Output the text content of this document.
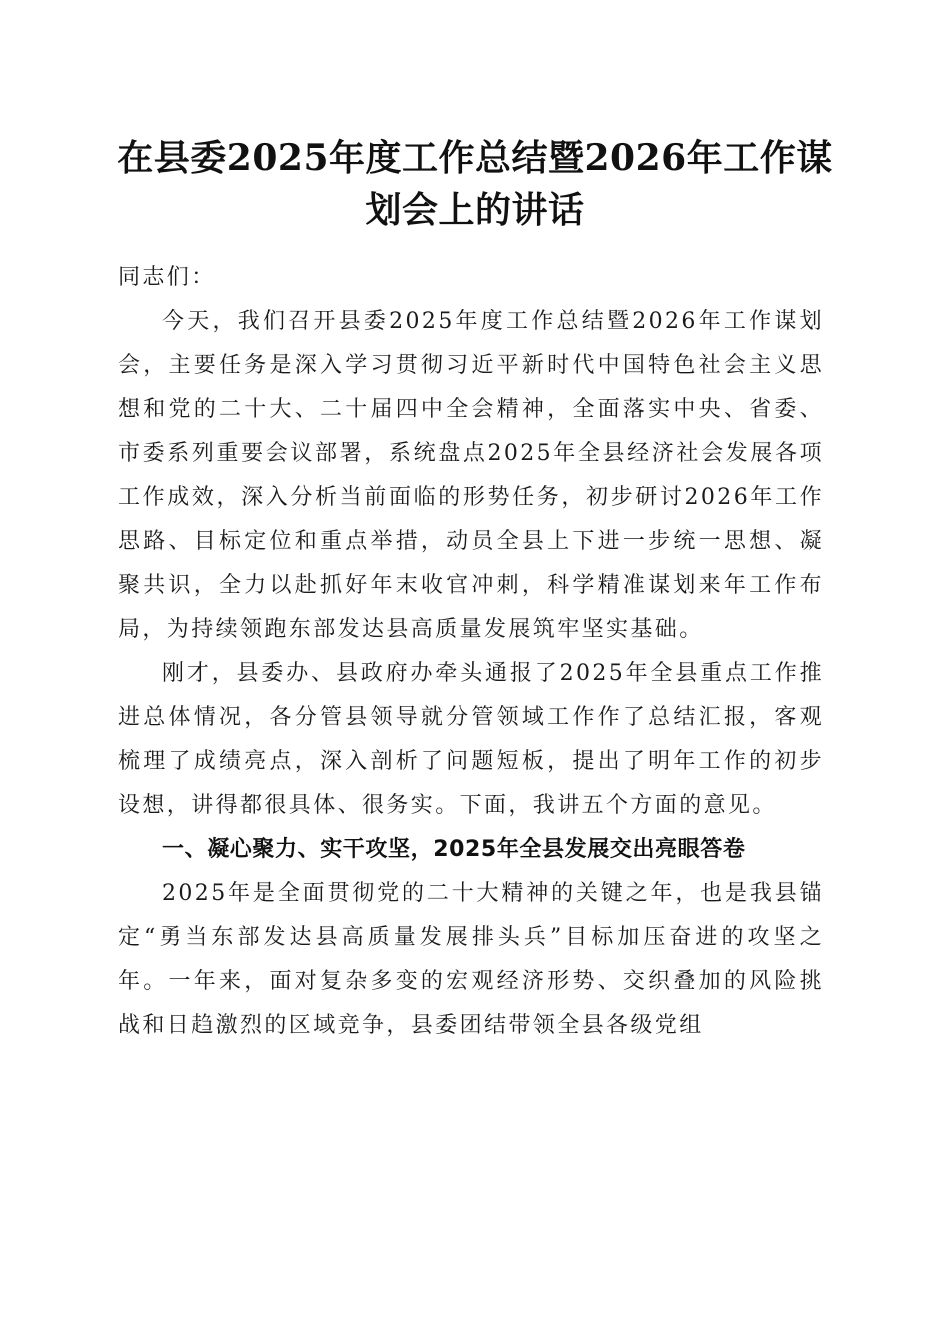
在县委2025年度工作总结暨2026年工作谋划会上的讲话

同志们：

今天，我们召开县委2025年度工作总结暨2026年工作谋划会，主要任务是深入学习贯彻习近平新时代中国特色社会主义思想和党的二十大、二十届四中全会精神，全面落实中央、省委、市委系列重要会议部署，系统盘点2025年全县经济社会发展各项工作成效，深入分析当前面临的形势任务，初步研讨2026年工作思路、目标定位和重点举措，动员全县上下进一步统一思想、凝聚共识，全力以赴抓好年末收官冲刺，科学精准谋划来年工作布局，为持续领跑东部发达县高质量发展筑牢坚实基础。

刚才，县委办、县政府办牵头通报了2025年全县重点工作推进总体情况，各分管县领导就分管领域工作作了总结汇报，客观梳理了成绩亮点，深入剖析了问题短板，提出了明年工作的初步设想，讲得都很具体、很务实。下面，我讲五个方面的意见。

一、凝心聚力、实干攻坚，2025年全县发展交出亮眼答卷

2025年是全面贯彻党的二十大精神的关键之年，也是我县锚定“勇当东部发达县高质量发展排头兵”目标加压奋进的攻坚之年。一年来，面对复杂多变的宏观经济形势、交织叠加的风险挑战和日趋激烈的区域竞争，县委团结带领全县各级党组
